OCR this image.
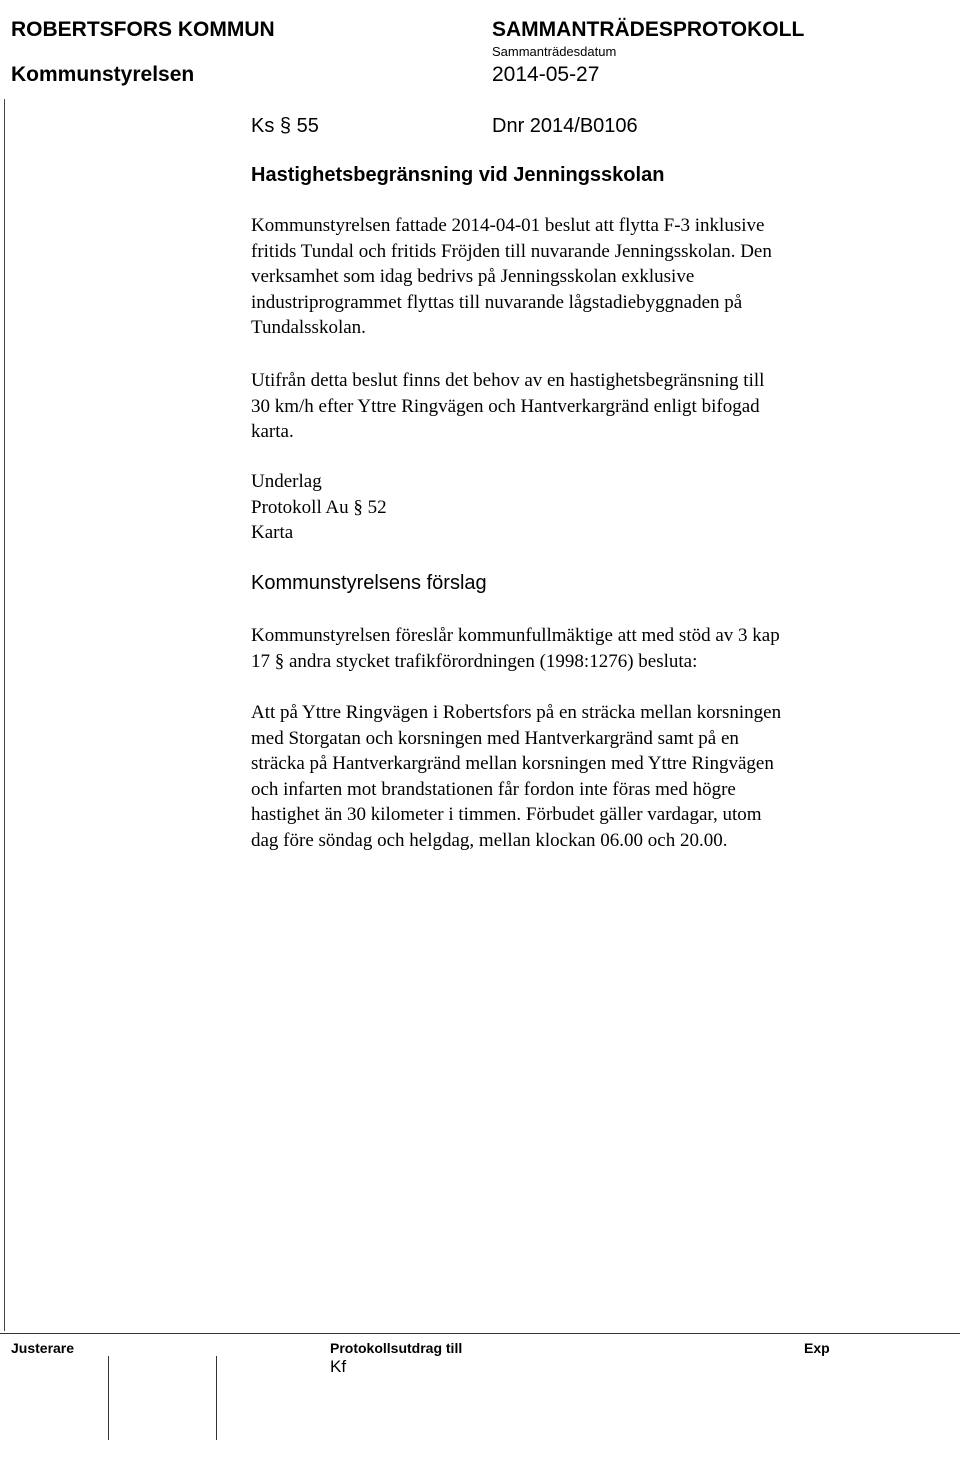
ROBERTSFORS KOMMUN	SAMMANTRÄDESPROTOKOLL
Kommunstyrelsen
Sammanträdesdatum
2014-05-27
Ks § 55	Dnr 2014/B0106
Hastighetsbegränsning vid Jenningsskolan
Kommunstyrelsen fattade 2014-04-01 beslut att flytta F-3 inklusive
fritids Tundal och fritids Fröjden till nuvarande Jenningsskolan. Den
verksamhet som idag bedrivs på Jenningsskolan exklusive
industriprogrammet flyttas till nuvarande lågstadiebyggnaden på
Tundalsskolan.
Utifrån detta beslut finns det behov av en hastighetsbegränsning till
30 km/h efter Yttre Ringvägen och Hantverkargränd enligt bifogad
karta.
Underlag
Protokoll Au § 52
Karta
Kommunstyrelsens förslag
Kommunstyrelsen föreslår kommunfullmäktige att med stöd av 3 kap
17 § andra stycket trafikförordningen (1998:1276) besluta:
Att på Yttre Ringvägen i Robertsfors på en sträcka mellan korsningen
med Storgatan och korsningen med Hantverkargränd samt på en
sträcka på Hantverkargränd mellan korsningen med Yttre Ringvägen
och infarten mot brandstationen får fordon inte föras med högre
hastighet än 30 kilometer i timmen. Förbudet gäller vardagar, utom
dag före söndag och helgdag, mellan klockan 06.00 och 20.00.
Justerare	Protokollsutdrag till
Kf
Exp
